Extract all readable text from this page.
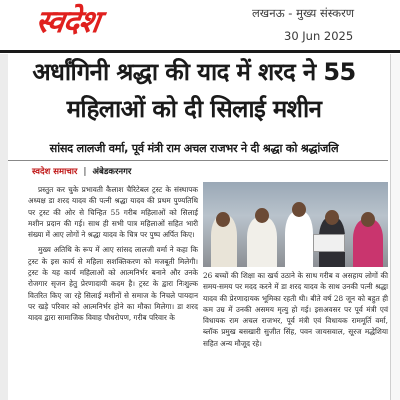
स्वदेश	लखनऊ - मुख्य संस्करण
30 Jun 2025
अर्धांगिनी श्रद्धा की याद में शरद ने 55 महिलाओं को दी सिलाई मशीन
सांसद लालजी वर्मा, पूर्व मंत्री राम अचल राजभर ने दी श्रद्धा को श्रद्धांजलि
स्वदेश समाचार | अंबेडकरनगर

प्रस्तुत कर चुके प्रभावती कैलाश चैरिटेबल ट्रस्ट के संस्थापक अध्यक्ष डा शरद यादव की पत्नी श्रद्धा यादव की प्रथम पुण्यतिथि पर ट्रस्ट की ओर से चिन्हित 55 गरीब महिलाओं को सिलाई मशीन प्रदान की गई। साथ ही सभी पात्र महिलाओं सहित भारी संख्या में आए लोगों ने श्रद्धा यादव के चित्र पर पुष्प अर्पित किए।

मुख्य अतिथि के रूप में आए सांसद लालजी वर्मा ने कहा कि ट्रस्ट के इस कार्य से महिला सशक्तिकरण को मजबूती मिलेगी। ट्रस्ट के यह कार्य महिलाओं को आत्मनिर्भर बनाने और उनके रोजगार सृजन हेतु प्रेरणादायी कदम है। ट्रस्ट के द्वारा निःशुल्क वितरित किए जा रहे सिलाई मशीनों से समाज के निचले पायदान पर खड़े परिवार को आत्मनिर्भर होने का मौका मिलेगा। डा शरद यादव द्वारा सामाजिक विवाह पौधरोपण, गरीब परिवार के

26 बच्चों की शिक्षा का खर्च उठाने के साथ गरीब व असहाय लोगों की समय-समय पर मदद करने में डा शरद यादव के साथ उनकी पत्नी श्रद्धा यादव की प्रेरणादायक भूमिका रहती थी। बीते वर्ष 28 जून को बहुत ही कम उम्र में उनकी असमय मृत्यु हो गई। इसअवसर पर पूर्व मंत्री एवं विधायक राम अचल राजभर, पूर्व मंत्री एवं विधायक राममूर्ति वर्मा, ब्लॉक प्रमुख बसखारी सुजीत सिंह, पवन जायसवाल, सूरज मद्धेशिया सहित अन्य मौजूद रहे।
